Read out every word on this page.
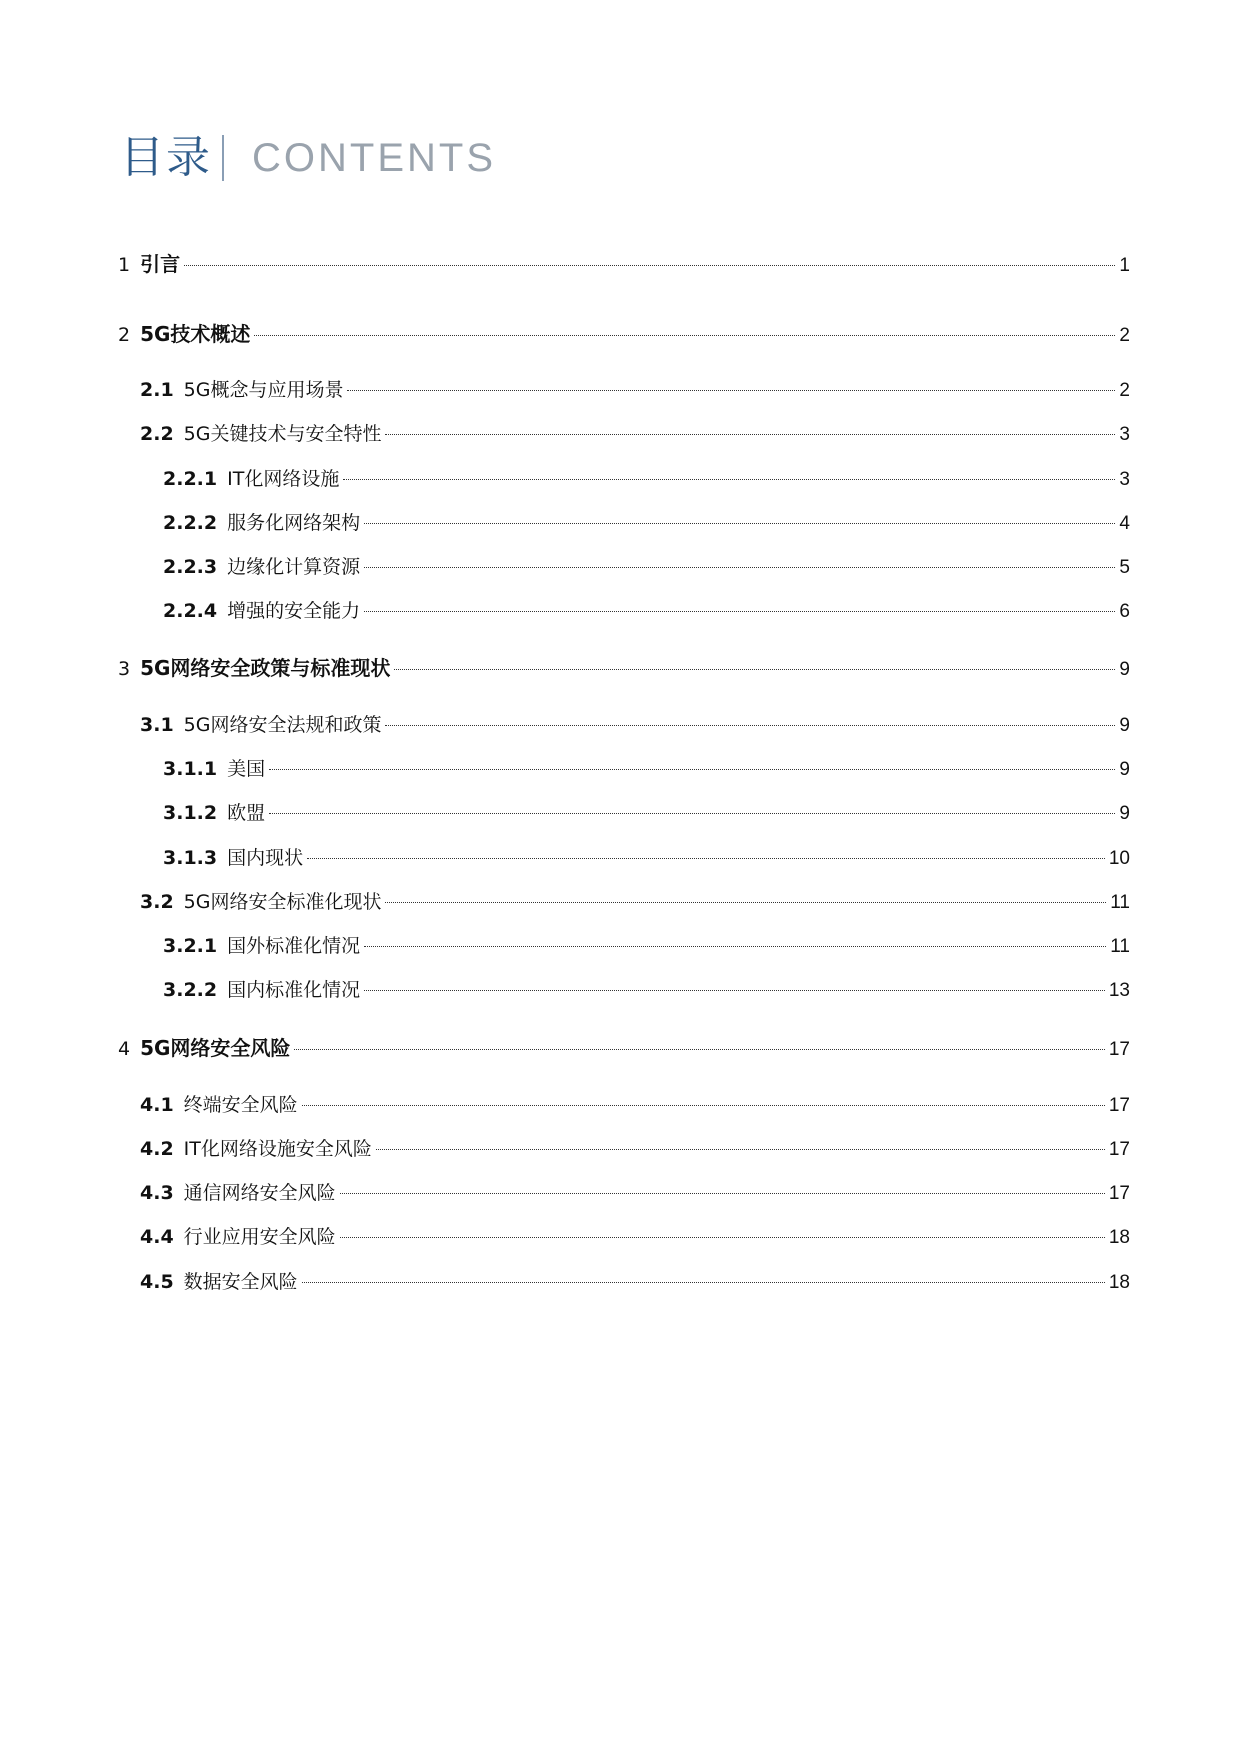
目录 CONTENTS
1 引言	1
2 5G技术概述	2
2.1 5G概念与应用场景	2
2.2 5G关键技术与安全特性	3
2.2.1 IT化网络设施	3
2.2.2 服务化网络架构	4
2.2.3 边缘化计算资源	5
2.2.4 增强的安全能力	6
3 5G网络安全政策与标准现状	9
3.1 5G网络安全法规和政策	9
3.1.1 美国	9
3.1.2 欧盟	9
3.1.3 国内现状	10
3.2 5G网络安全标准化现状	11
3.2.1 国外标准化情况	11
3.2.2 国内标准化情况	13
4 5G网络安全风险	17
4.1 终端安全风险	17
4.2 IT化网络设施安全风险	17
4.3 通信网络安全风险	17
4.4 行业应用安全风险	18
4.5 数据安全风险	18
